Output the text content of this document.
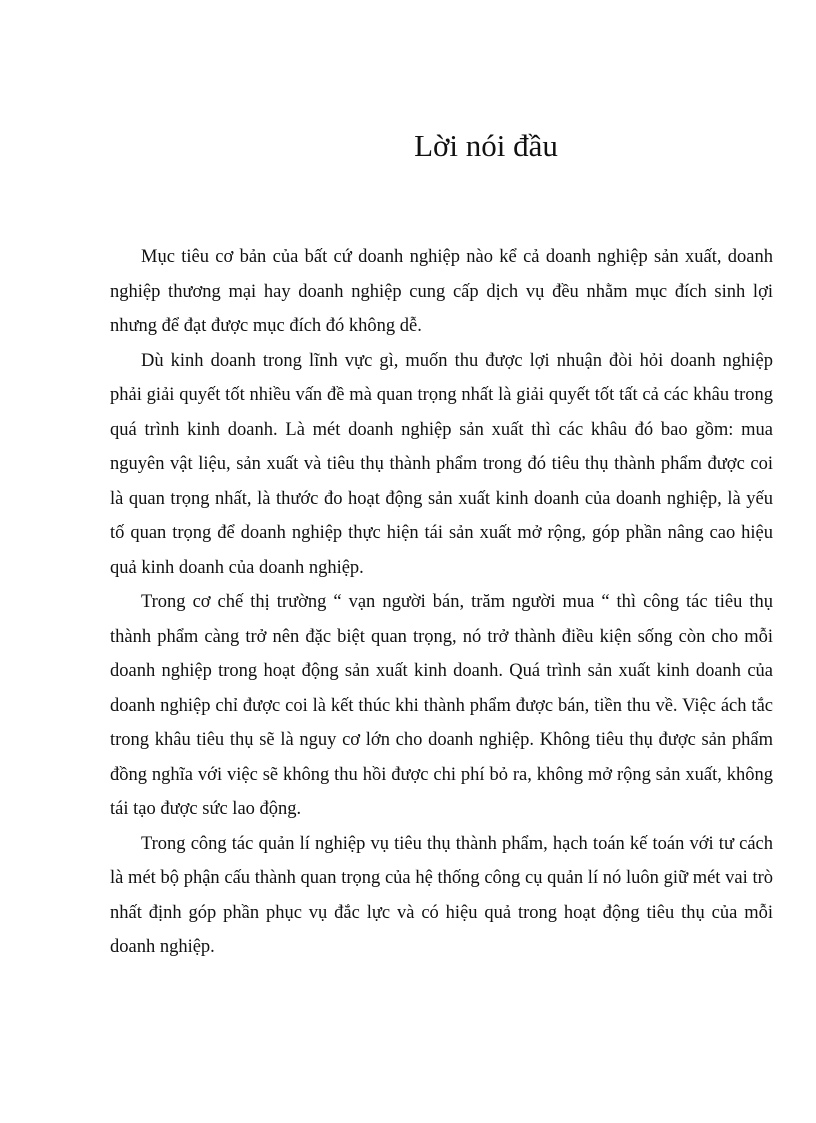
Lời nói đầu

Mục tiêu cơ bản của bất cứ doanh nghiệp nào kể cả doanh nghiệp sản xuất, doanh nghiệp thương mại hay doanh nghiệp cung cấp dịch vụ đều nhằm mục đích sinh lợi nhưng để đạt được mục đích đó không dễ.

Dù kinh doanh trong lĩnh vực gì, muốn thu được lợi nhuận đòi hỏi doanh nghiệp phải giải quyết tốt nhiều vấn đề mà quan trọng nhất là giải quyết tốt tất cả các khâu trong quá trình kinh doanh. Là mét doanh nghiệp sản xuất thì các khâu đó bao gồm: mua nguyên vật liệu, sản xuất và tiêu thụ thành phẩm trong đó tiêu thụ thành phẩm được coi là quan trọng nhất, là thước đo hoạt động sản xuất kinh doanh của doanh nghiệp, là yếu tố quan trọng để doanh nghiệp thực hiện tái sản xuất mở rộng, góp phần nâng cao hiệu quả kinh doanh của doanh nghiệp.

Trong cơ chế thị trường “ vạn người bán, trăm người mua “ thì công tác tiêu thụ thành phẩm càng trở nên đặc biệt quan trọng, nó trở thành điều kiện sống còn cho mỗi doanh nghiệp trong hoạt động sản xuất kinh doanh. Quá trình sản xuất kinh doanh của doanh nghiệp chỉ được coi là kết thúc khi thành phẩm được bán, tiền thu về. Việc ách tắc trong khâu tiêu thụ sẽ là nguy cơ lớn cho doanh nghiệp. Không tiêu thụ được sản phẩm đồng nghĩa với việc sẽ không thu hồi được chi phí bỏ ra, không mở rộng sản xuất, không tái tạo được sức lao động.

Trong công tác quản lí nghiệp vụ tiêu thụ thành phẩm, hạch toán kế toán với tư cách là mét bộ phận cấu thành quan trọng của hệ thống công cụ quản lí nó luôn giữ mét vai trò nhất định góp phần phục vụ đắc lực và có hiệu quả trong hoạt động tiêu thụ của mỗi doanh nghiệp.
